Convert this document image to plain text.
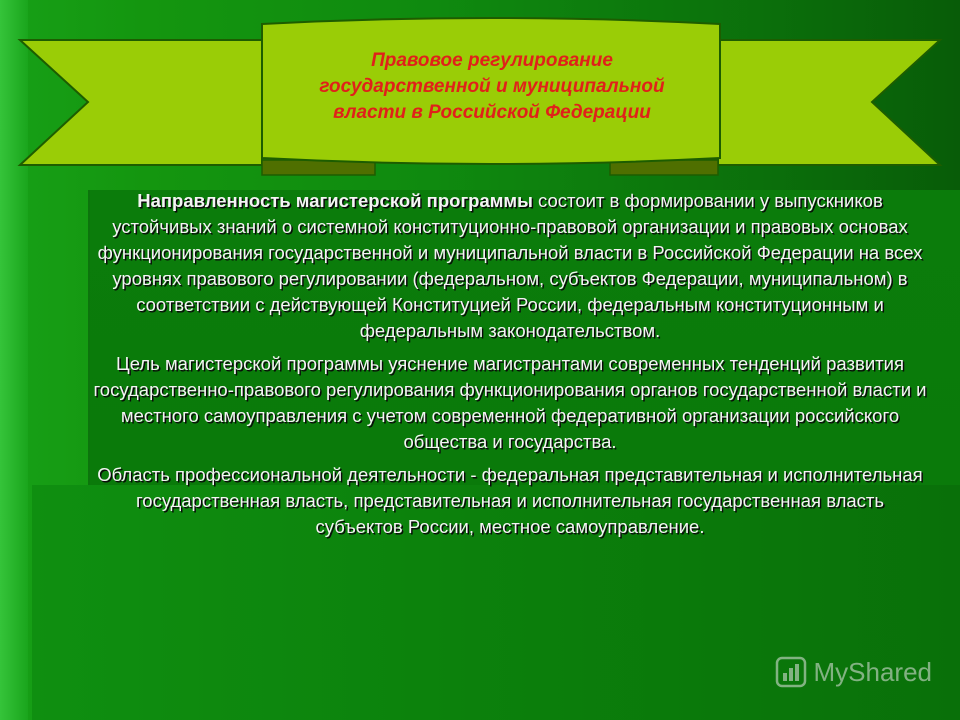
Правовое регулирование
государственной и муниципальной
власти в Российской Федерации

Направленность магистерской программы состоит в формировании у выпускников устойчивых знаний о системной конституционно-правовой организации и правовых основах функционирования государственной и муниципальной власти в Российской Федерации на всех уровнях правового регулировании (федеральном, субъектов Федерации, муниципальном) в соответствии с действующей Конституцией России, федеральным конституционным и федеральным законодательством.

Цель магистерской программы уяснение магистрантами современных тенденций развития государственно-правового регулирования функционирования органов государственной власти и местного самоуправления с учетом современной федеративной организации российского общества и государства.

Область профессиональной деятельности - федеральная представительная и исполнительная государственная власть, представительная и исполнительная государственная власть субъектов России, местное самоуправление.

MyShared
